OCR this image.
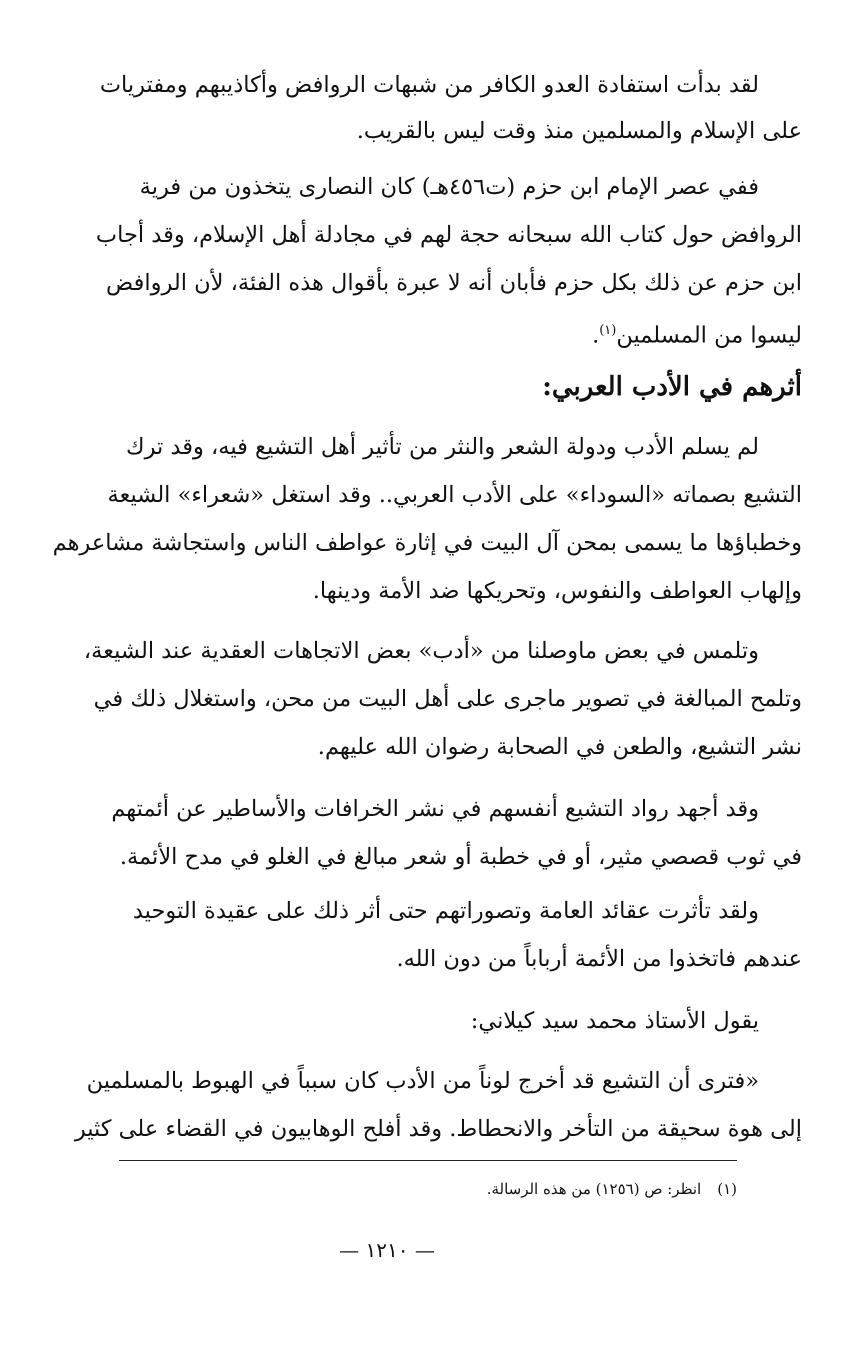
لقد بدأت استفادة العدو الكافر من شبهات الروافض وأكاذيبهم ومفتريات
على الإسلام والمسلمين منذ وقت ليس بالقريب.
ففي عصر الإمام ابن حزم (ت٤٥٦هـ) كان النصارى يتخذون من فرية
الروافض حول كتاب الله سبحانه حجة لهم في مجادلة أهل الإسلام، وقد أجاب
ابن حزم عن ذلك بكل حزم فأبان أنه لا عبرة بأقوال هذه الفئة، لأن الروافض
ليسوا من المسلمين$^{(١)}$.
أثرهم في الأدب العربي:
لم يسلم الأدب ودولة الشعر والنثر من تأثير أهل التشيع فيه، وقد ترك
التشيع بصماته «السوداء» على الأدب العربي.. وقد استغل «شعراء» الشيعة
وخطباؤها ما يسمى بمحن آل البيت في إثارة عواطف الناس واستجاشة مشاعرهم
وإلهاب العواطف والنفوس، وتحريكها ضد الأمة ودينها.
وتلمس في بعض ماوصلنا من «أدب» بعض الاتجاهات العقدية عند الشيعة،
وتلمح المبالغة في تصوير ماجرى على أهل البيت من محن، واستغلال ذلك في
نشر التشيع، والطعن في الصحابة رضوان الله عليهم.
وقد أجهد رواد التشيع أنفسهم في نشر الخرافات والأساطير عن أئمتهم
في ثوب قصصي مثير، أو في خطبة أو شعر مبالغ في الغلو في مدح الأئمة.
ولقد تأثرت عقائد العامة وتصوراتهم حتى أثر ذلك على عقيدة التوحيد
عندهم فاتخذوا من الأئمة أرباباً من دون الله.
يقول الأستاذ محمد سيد كيلاني:
«فترى أن التشيع قد أخرج لوناً من الأدب كان سبباً في الهبوط بالمسلمين
إلى هوة سحيقة من التأخر والانحطاط. وقد أفلح الوهابيون في القضاء على كثير
(١)انظر: ص (١٢٥٦) من هذه الرسالة.
— ١٢١٠ —
